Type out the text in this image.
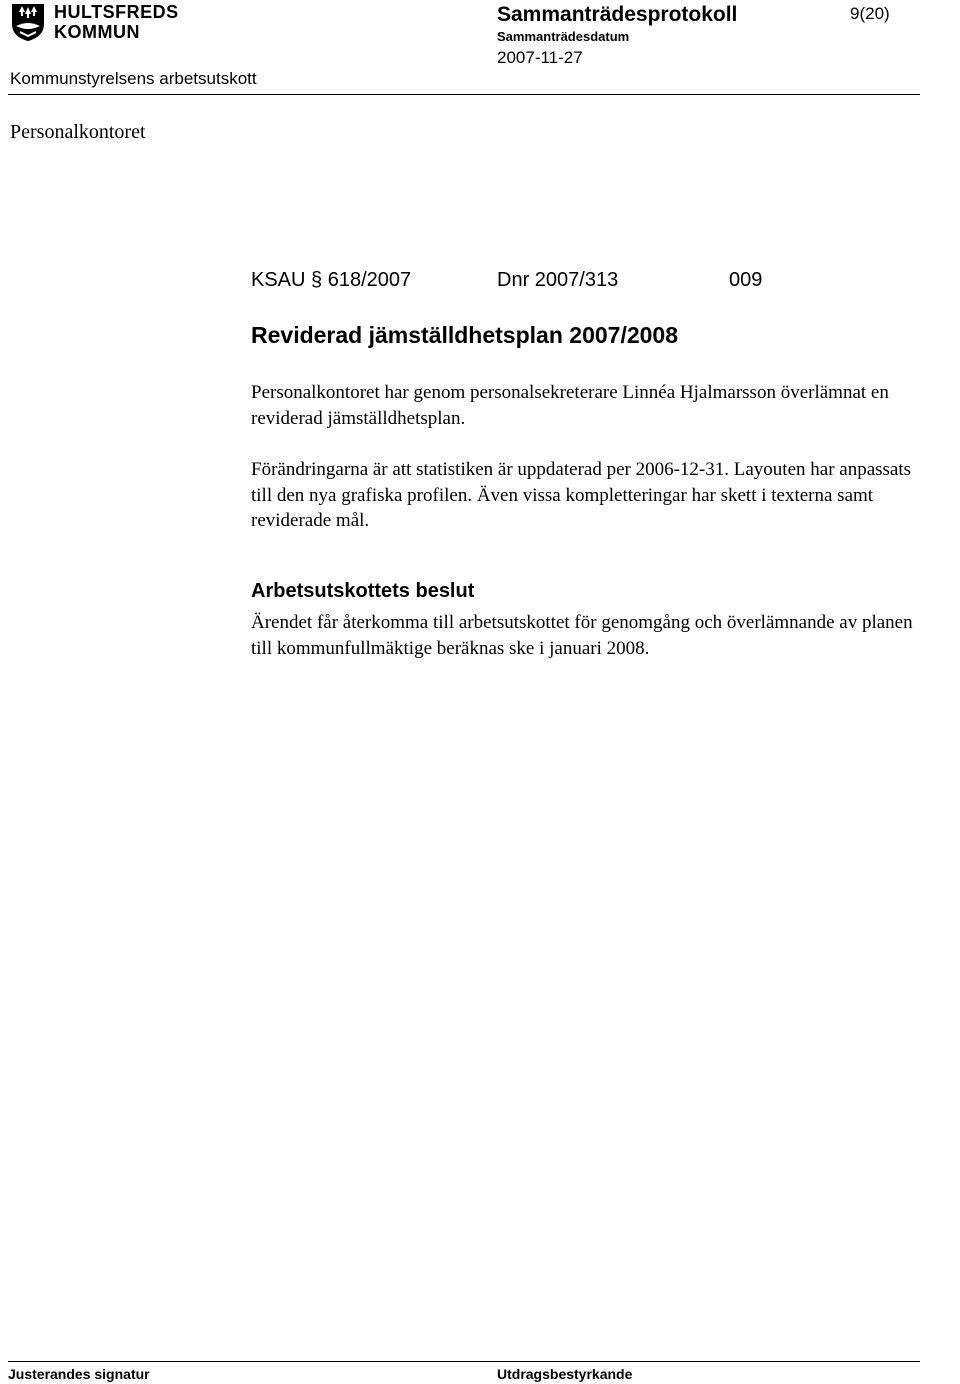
HULTSFREDS
KOMMUN
Sammanträdesprotokoll	9(20)
Sammanträdesdatum
2007-11-27
Kommunstyrelsens arbetsutskott
Personalkontoret
KSAU § 618/2007	Dnr 2007/313	009
Reviderad jämställdhetsplan 2007/2008
Personalkontoret har genom personalsekreterare Linnéa Hjalmarsson överlämnat en reviderad jämställdhetsplan.
Förändringarna är att statistiken är uppdaterad per 2006-12-31. Layouten har anpassats till den nya grafiska profilen. Även vissa kompletteringar har skett i texterna samt reviderade mål.
Arbetsutskottets beslut
Ärendet får återkomma till arbetsutskottet för genomgång och överlämnande av planen till kommunfullmäktige beräknas ske i januari 2008.
Justerandes signatur	Utdragsbestyrkande
